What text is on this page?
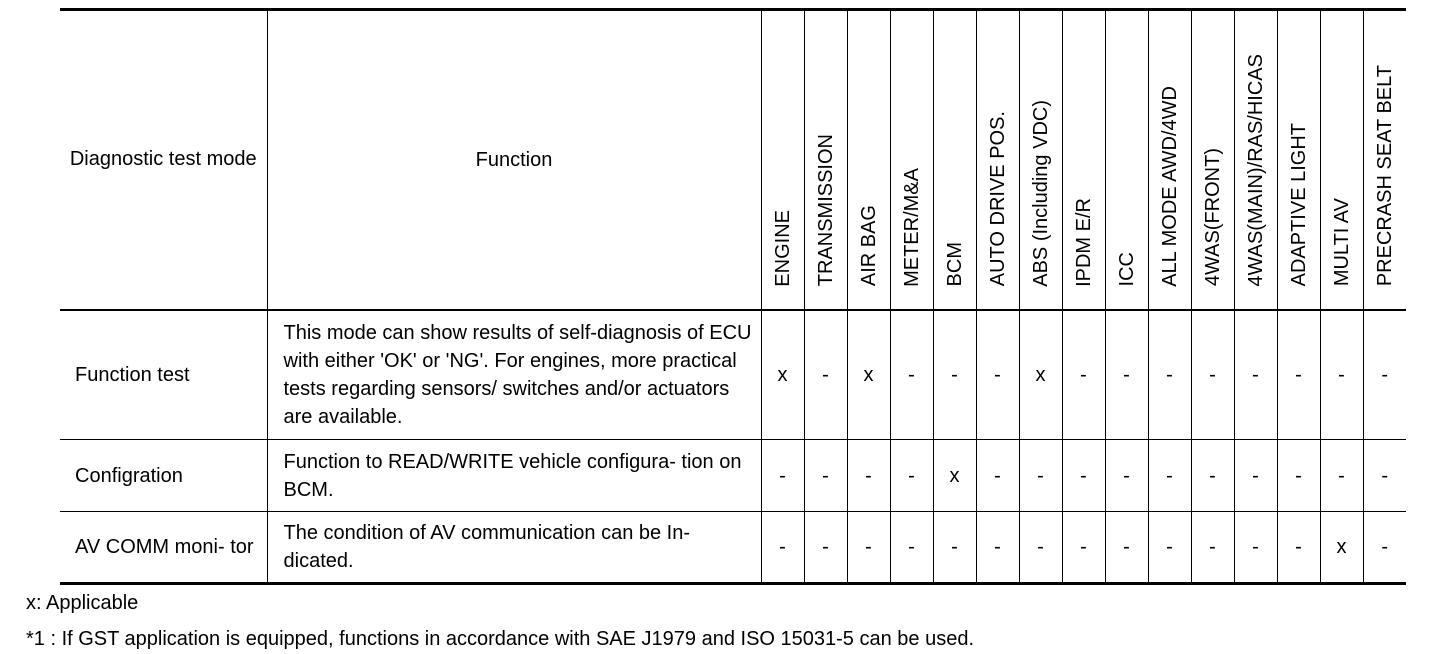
Diagnostic test mode	Function	ENGINE	TRANSMISSION	AIR BAG	METER/M&A	BCM	AUTO DRIVE POS.	ABS (Including VDC)	IPDM E/R	ICC	ALL MODE AWD/4WD	4WAS(FRONT)	4WAS(MAIN)/RAS/HICAS	ADAPTIVE LIGHT	MULTI AV	PRECRASH SEAT BELT

Function test	This mode can show results of self-diagnosis of ECU with either 'OK' or 'NG'. For engines, more practical tests regarding sensors/ switches and/or actuators are available.	x	-	x	-	-	-	x	-	-	-	-	-	-	-	-
Configration	Function to READ/WRITE vehicle configura- tion on BCM.	-	-	-	-	x	-	-	-	-	-	-	-	-	-	-
AV COMM moni- tor	The condition of AV communication can be In- dicated.	-	-	-	-	-	-	-	-	-	-	-	-	-	x	-
x: Applicable
*1 : If GST application is equipped, functions in accordance with SAE J1979 and ISO 15031-5 can be used.
